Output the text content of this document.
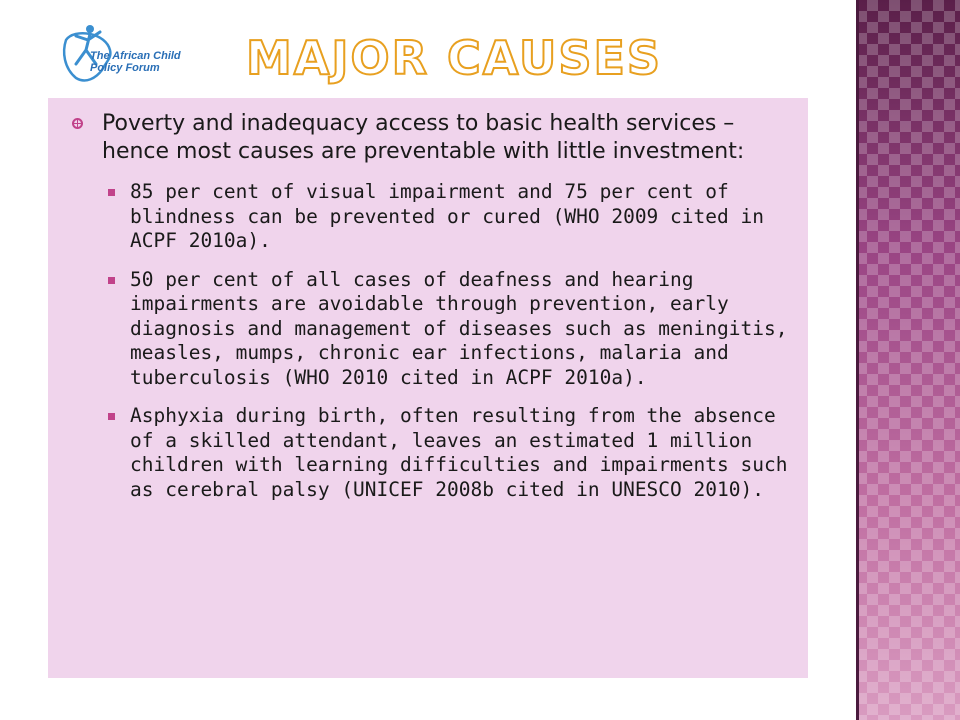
The African Child
Policy Forum	MAJOR CAUSES
Poverty and inadequacy access to basic health services –hence most causes are preventable with little investment:
85 per cent of visual impairment and 75 per cent of blindness can be prevented or cured (WHO 2009 cited in ACPF 2010a).
50 per cent of all cases of deafness and hearing impairments are avoidable through prevention, early diagnosis and management of diseases such as meningitis, measles, mumps, chronic ear infections, malaria and tuberculosis (WHO 2010 cited in ACPF 2010a).
Asphyxia during birth, often resulting from the absence of a skilled attendant, leaves an estimated 1 million children with learning difficulties and impairments such as cerebral palsy (UNICEF 2008b cited in UNESCO 2010).
